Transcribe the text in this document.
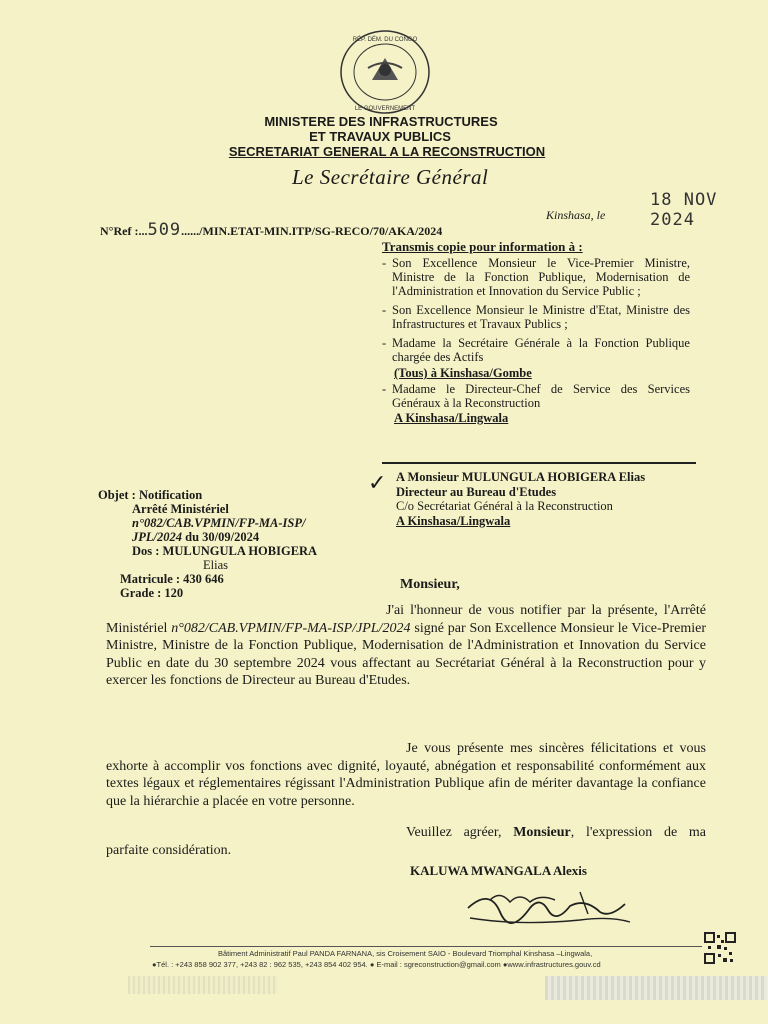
RÉP. DÉM. DU CONGO
LE GOUVERNEMENT
MINISTERE DES INFRASTRUCTURES
ET TRAVAUX PUBLICS
SECRETARIAT GENERAL A LA RECONSTRUCTION
Le Secrétaire Général
N°Ref :...509....../MIN.ETAT-MIN.ITP/SG-RECO/70/AKA/2024
Kinshasa, le
18 NOV 2024
Transmis copie pour information à :
- Son Excellence Monsieur le Vice-Premier Ministre, Ministre de la Fonction Publique, Modernisation de l'Administration et Innovation du Service Public ;
- Son Excellence Monsieur le Ministre d'Etat, Ministre des Infrastructures et Travaux Publics ;
- Madame la Secrétaire Générale à la Fonction Publique chargée des Actifs
(Tous) à Kinshasa/Gombe
- Madame le Directeur-Chef de Service des Services Généraux à la Reconstruction
A Kinshasa/Lingwala
✓ A Monsieur MULUNGULA HOBIGERA Elias
Directeur au Bureau d'Etudes
C/o Secrétariat Général à la Reconstruction
A Kinshasa/Lingwala
Objet : Notification
Arrêté Ministériel
n°082/CAB.VPMIN/FP-MA-ISP/
JPL/2024 du 30/09/2024
Dos : MULUNGULA HOBIGERA
Elias
Matricule : 430 646
Grade : 120
Monsieur,
J'ai l'honneur de vous notifier par la présente, l'Arrêté Ministériel n°082/CAB.VPMIN/FP-MA-ISP/JPL/2024 signé par Son Excellence Monsieur le Vice-Premier Ministre, Ministre de la Fonction Publique, Modernisation de l'Administration et Innovation du Service Public en date du 30 septembre 2024 vous affectant au Secrétariat Général à la Reconstruction pour y exercer les fonctions de Directeur au Bureau d'Etudes.
Je vous présente mes sincères félicitations et vous exhorte à accomplir vos fonctions avec dignité, loyauté, abnégation et responsabilité conformément aux textes légaux et réglementaires régissant l'Administration Publique afin de mériter davantage la confiance que la hiérarchie a placée en votre personne.
Veuillez agréer, Monsieur, l'expression de ma parfaite considération.
KALUWA MWANGALA Alexis
Bâtiment Administratif Paul PANDA FARNANA, sis Croisement SAIO - Boulevard Triomphal Kinshasa –Lingwala,
●Tél. : +243 858 902 377, +243 82 : 962 535, +243 854 402 954. ● E-mail : sgreconstruction@gmail.com ●www.infrastructures.gouv.cd
